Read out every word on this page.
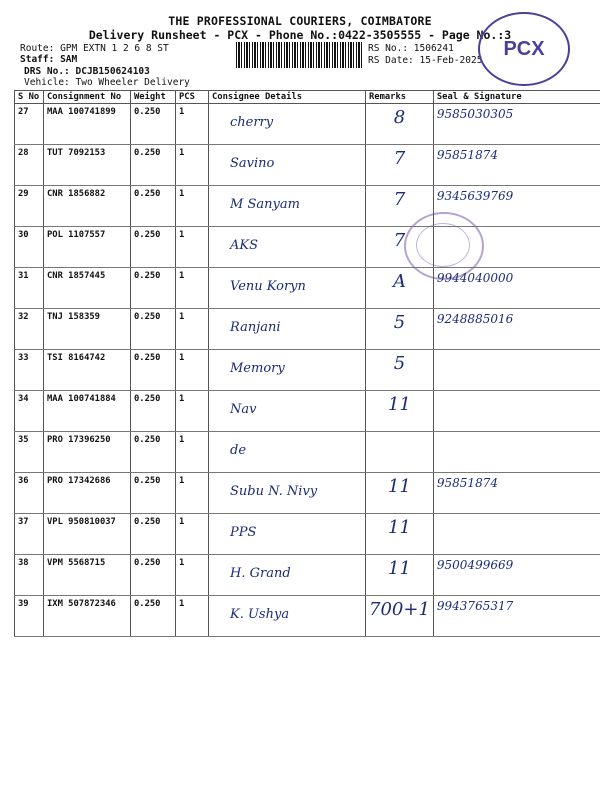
THE PROFESSIONAL COURIERS, COIMBATORE
Delivery Runsheet - PCX - Phone No.:0422-3505555 - Page No.:3
Route: GPM EXTN 1 2 6 8 ST
Staff: SAM
DRS No.: DCJB150624103
Vehicle: Two Wheeler Delivery
RS No.: 1506241
RS Date: 15-Feb-2025
PCX
S No	Consignment No	Weight	PCS	Consignee Details	Remarks	Seal & Signature
27	MAA 100741899	0.250	1	cherry	8	9585030305
28	TUT 7092153	0.250	1	Savino	7	95851874
29	CNR 1856882	0.250	1	M Sanyam	7	9345639769
30	POL 1107557	0.250	1	AKS	7	
31	CNR 1857445	0.250	1	Venu Koryn	A	9944040000
32	TNJ 158359	0.250	1	Ranjani	5	9248885016
33	TSI 8164742	0.250	1	Memory	5	
34	MAA 100741884	0.250	1	Nav	11	
35	PRO 17396250	0.250	1	de		
36	PRO 17342686	0.250	1	Subu N. Nivy	11	95851874
37	VPL 950810037	0.250	1	PPS	11	
38	VPM 5568715	0.250	1	H. Grand	11	9500499669
39	IXM 507872346	0.250	1	K. Ushya	700+1	9943765317
